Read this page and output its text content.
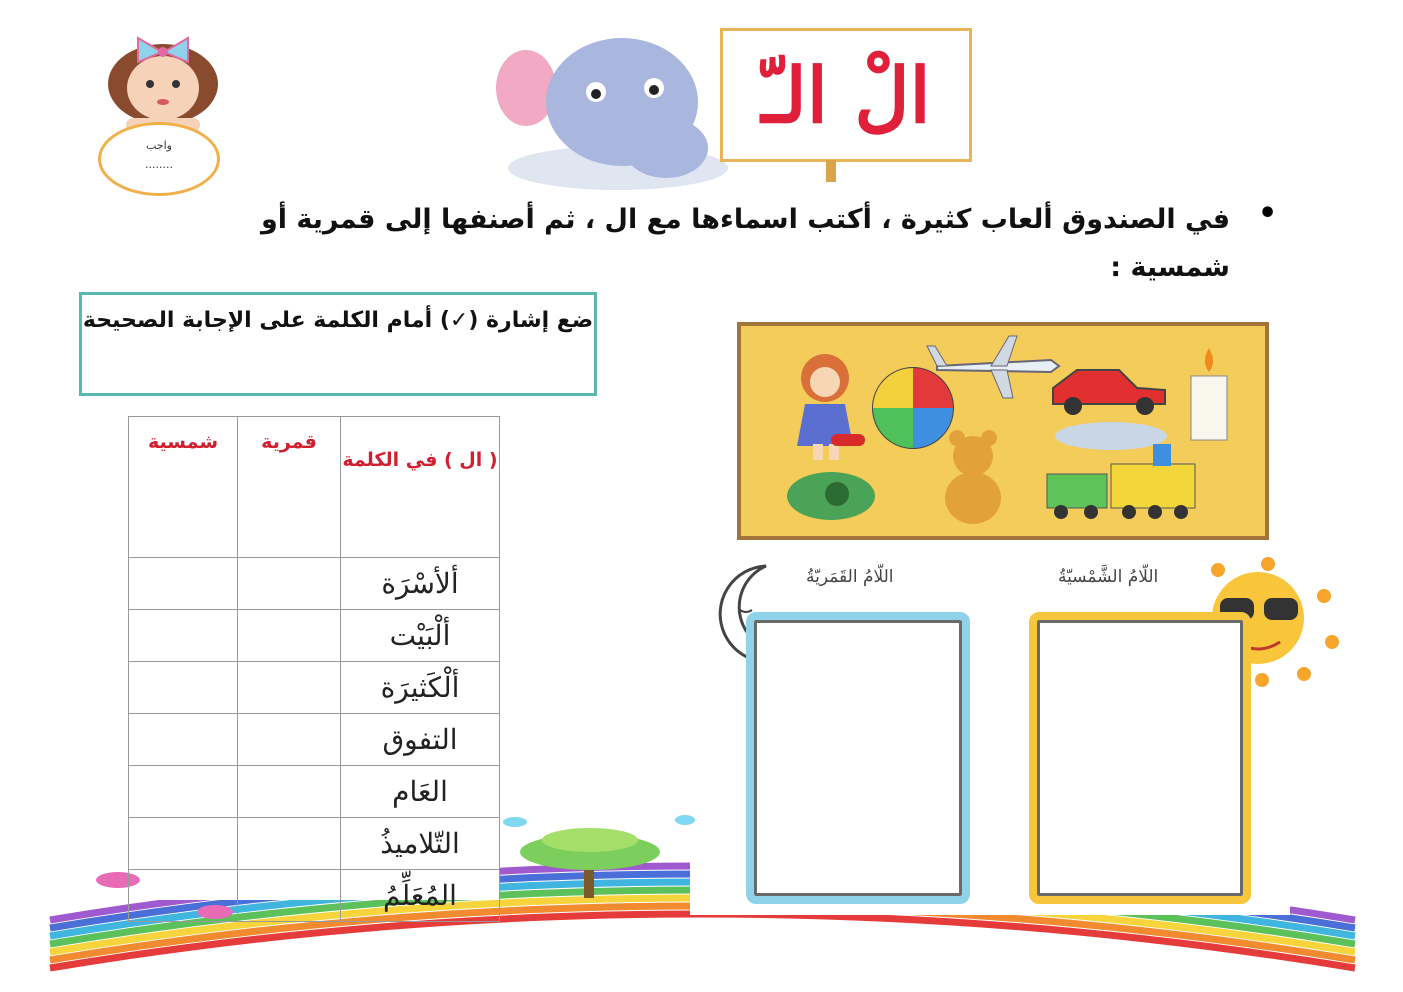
واجب
........
الْ الـّ
•
في الصندوق ألعاب كثيرة ، أكتب اسماءها مع ال ، ثم أصنفها إلى قمرية أو شمسية :
ضع إشارة (✓) أمام الكلمة على الإجابة الصحيحة
( ال ) في الكلمة	قمرية	شمسية
ألأسْرَة		
ألْبَيْت		
ألْكَثيرَة		
التفوق		
العَام		
التّلاميذُ		
المُعَلِّمُ		
اللّامُ القَمَريّةُ	اللّامُ الشَّمْسيّةُ
